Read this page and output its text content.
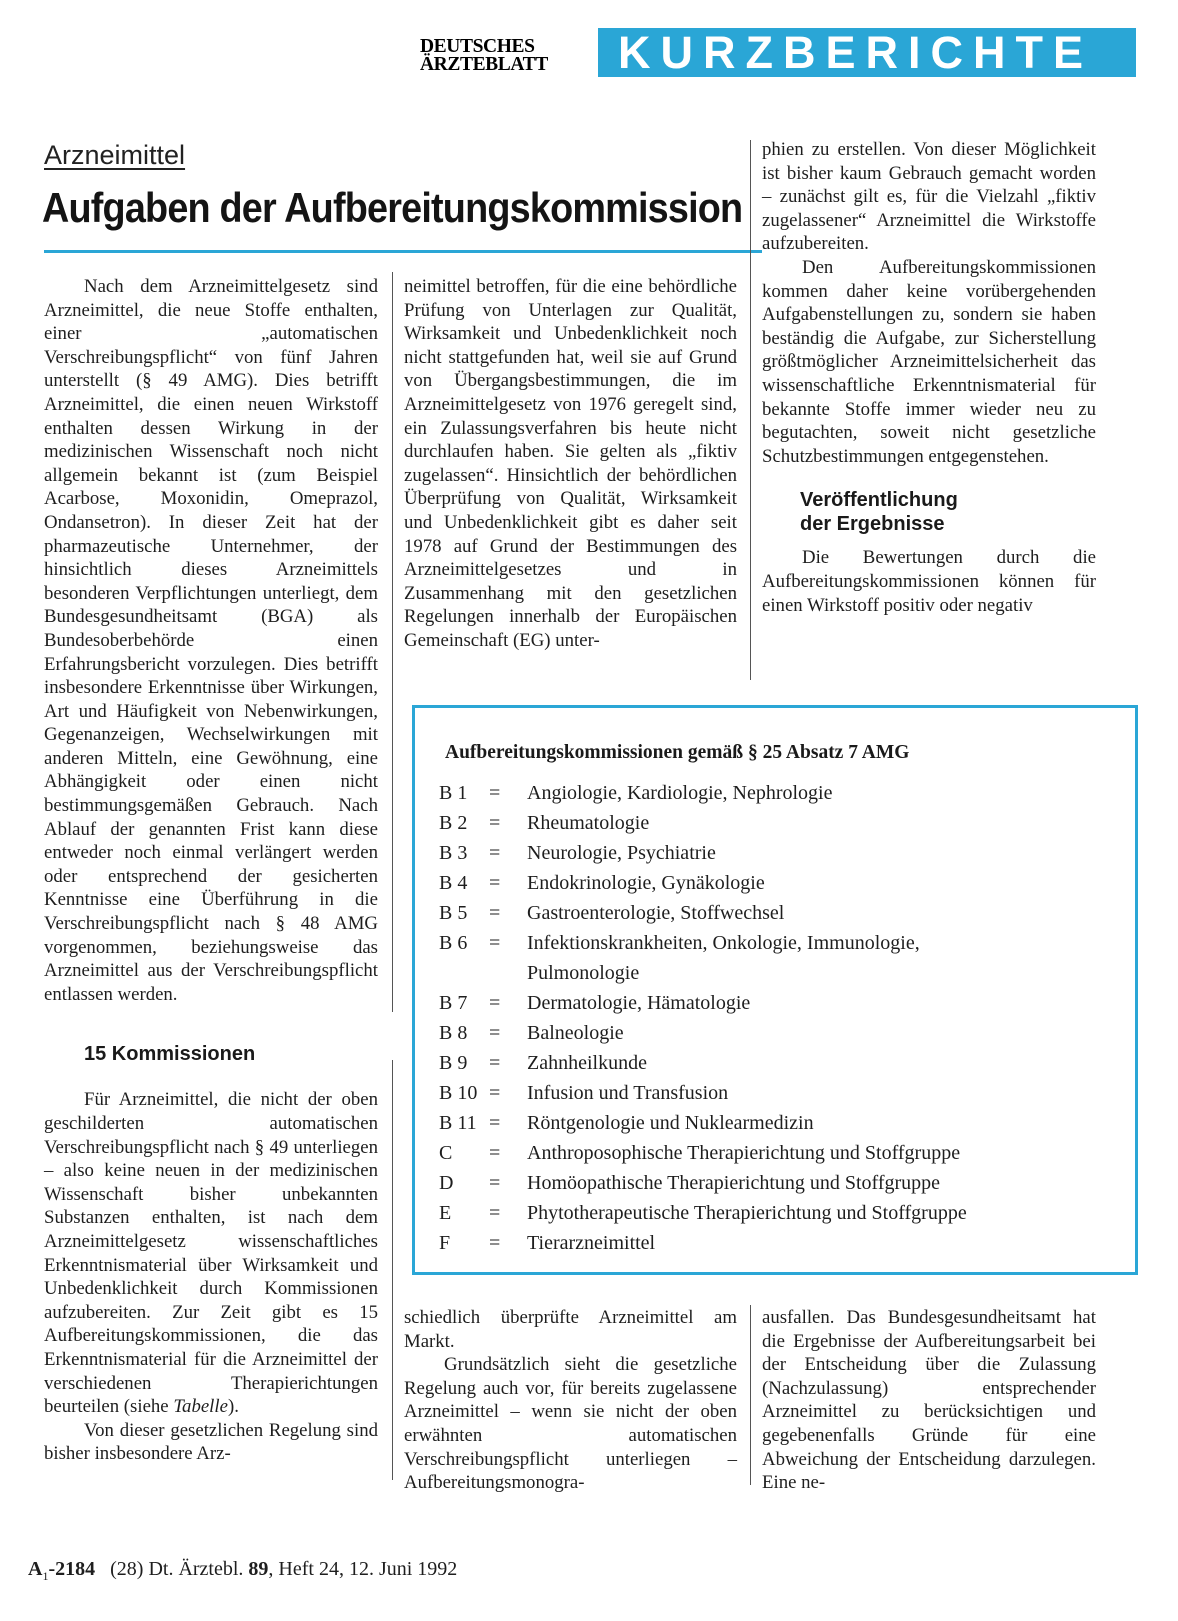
DEUTSCHES
ÄRZTEBLATT	KURZBERICHTE
Arzneimittel
Aufgaben der Aufbereitungskommission

Nach dem Arzneimittelgesetz sind Arzneimittel, die neue Stoffe enthalten, einer „automatischen Verschreibungspflicht“ von fünf Jahren unterstellt (§ 49 AMG). Dies betrifft Arzneimittel, die einen neuen Wirkstoff enthalten dessen Wirkung in der medizinischen Wissenschaft noch nicht allgemein bekannt ist (zum Beispiel Acarbose, Moxonidin, Omeprazol, Ondansetron). In dieser Zeit hat der pharmazeutische Unternehmer, der hinsichtlich dieses Arzneimittels besonderen Verpflichtungen unterliegt, dem Bundesgesundheitsamt (BGA) als Bundesoberbehörde einen Erfahrungsbericht vorzulegen. Dies betrifft insbesondere Erkenntnisse über Wirkungen, Art und Häufigkeit von Nebenwirkungen, Gegenanzeigen, Wechselwirkungen mit anderen Mitteln, eine Gewöhnung, eine Abhängigkeit oder einen nicht bestimmungsgemäßen Gebrauch. Nach Ablauf der genannten Frist kann diese entweder noch einmal verlängert werden oder entsprechend der gesicherten Kenntnisse eine Überführung in die Verschreibungspflicht nach § 48 AMG vorgenommen, beziehungsweise das Arzneimittel aus der Verschreibungspflicht entlassen werden.

15 Kommissionen

Für Arzneimittel, die nicht der oben geschilderten automatischen Verschreibungspflicht nach § 49 unterliegen – also keine neuen in der medizinischen Wissenschaft bisher unbekannten Substanzen enthalten, ist nach dem Arzneimittelgesetz wissenschaftliches Erkenntnismaterial über Wirksamkeit und Unbedenklichkeit durch Kommissionen aufzubereiten. Zur Zeit gibt es 15 Aufbereitungskommissionen, die das Erkenntnismaterial für die Arzneimittel der verschiedenen Therapierichtungen beurteilen (siehe Tabelle).

Von dieser gesetzlichen Regelung sind bisher insbesondere Arz-

neimittel betroffen, für die eine behördliche Prüfung von Unterlagen zur Qualität, Wirksamkeit und Unbedenklichkeit noch nicht stattgefunden hat, weil sie auf Grund von Übergangsbestimmungen, die im Arzneimittelgesetz von 1976 geregelt sind, ein Zulassungsverfahren bis heute nicht durchlaufen haben. Sie gelten als „fiktiv zugelassen“. Hinsichtlich der behördlichen Überprüfung von Qualität, Wirksamkeit und Unbedenklichkeit gibt es daher seit 1978 auf Grund der Bestimmungen des Arzneimittelgesetzes und in Zusammenhang mit den gesetzlichen Regelungen innerhalb der Europäischen Gemeinschaft (EG) unter-

phien zu erstellen. Von dieser Möglichkeit ist bisher kaum Gebrauch gemacht worden – zunächst gilt es, für die Vielzahl „fiktiv zugelassener“ Arzneimittel die Wirkstoffe aufzubereiten.

Den Aufbereitungskommissionen kommen daher keine vorübergehenden Aufgabenstellungen zu, sondern sie haben beständig die Aufgabe, zur Sicherstellung größtmöglicher Arzneimittelsicherheit das wissenschaftliche Erkenntnismaterial für bekannte Stoffe immer wieder neu zu begutachten, soweit nicht gesetzliche Schutzbestimmungen entgegenstehen.

Veröffentlichung
der Ergebnisse

Die Bewertungen durch die Aufbereitungskommissionen können für einen Wirkstoff positiv oder negativ

Aufbereitungskommissionen gemäß § 25 Absatz 7 AMG
B 1	=	Angiologie, Kardiologie, Nephrologie
B 2	=	Rheumatologie
B 3	=	Neurologie, Psychiatrie
B 4	=	Endokrinologie, Gynäkologie
B 5	=	Gastroenterologie, Stoffwechsel
B 6	=	Infektionskrankheiten, Onkologie, Immunologie,
Pulmonologie
B 7	=	Dermatologie, Hämatologie
B 8	=	Balneologie
B 9	=	Zahnheilkunde
B 10 =	Infusion und Transfusion
B 11 =	Röntgenologie und Nuklearmedizin
C	=	Anthroposophische Therapierichtung und Stoffgruppe
D	=	Homöopathische Therapierichtung und Stoffgruppe
E	=	Phytotherapeutische Therapierichtung und Stoffgruppe
F	=	Tierarzneimittel

schiedlich überprüfte Arzneimittel am Markt.

Grundsätzlich sieht die gesetzliche Regelung auch vor, für bereits zugelassene Arzneimittel – wenn sie nicht der oben erwähnten automatischen Verschreibungspflicht unterliegen – Aufbereitungsmonogra-

ausfallen. Das Bundesgesundheitsamt hat die Ergebnisse der Aufbereitungsarbeit bei der Entscheidung über die Zulassung (Nachzulassung) entsprechender Arzneimittel zu berücksichtigen und gegebenenfalls Gründe für eine Abweichung der Entscheidung darzulegen. Eine ne-

$A_1-2184$ (28) Dt. Ärztebl. 89, Heft 24, 12. Juni 1992
